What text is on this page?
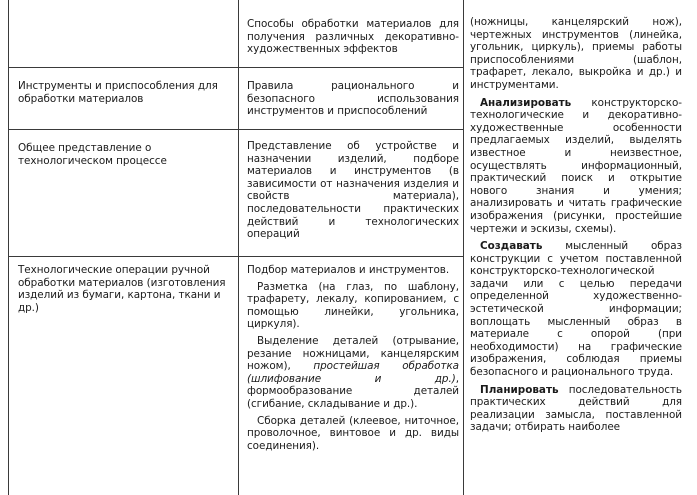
Инструменты и приспособления для обработки материалов

Общее представление о технологическом процессе

Технологические операции ручной обработки материалов (изготовления изделий из бумаги, картона, ткани и др.)

Способы обработки материалов для получения различных декоративно-художественных эффектов

Правила рационального и безопасного использования инструментов и приспособлений

Представление об устройстве и назначении изделий, подборе материалов и инструментов (в зависимости от назначения изделия и свойств материала), последовательности практических действий и технологических операций

Подбор материалов и инструментов.

Разметка (на глаз, по шаблону, трафарету, лекалу, копированием, с помощью линейки, угольника, циркуля).

Выделение деталей (отрывание, резание ножницами, канцелярским ножом), простейшая обработка (шлифование и др.), формообразование деталей (сгибание, складывание и др.).

Сборка деталей (клеевое, ниточное, проволочное, винтовое и др. виды соединения).

(ножницы, канцелярский нож), чертежных инструментов (линейка, угольник, циркуль), приемы работы приспособлениями (шаблон, трафарет, лекало, выкройка и др.) и инструментами.

Анализировать конструкторско-технологические и декоративно-художественные особенности предлагаемых изделий, выделять известное и неизвестное, осуществлять информационный, практический поиск и открытие нового знания и умения; анализировать и читать графические изображения (рисунки, простейшие чертежи и эскизы, схемы).

Создавать мысленный образ конструкции с учетом поставленной конструкторско-технологической задачи или с целью передачи определенной художественно-эстетической информации; воплощать мысленный образ в материале с опорой (при необходимости) на графические изображения, соблюдая приемы безопасного и рационального труда.

Планировать последовательность практических действий для реализации замысла, поставленной задачи; отбирать наиболее
